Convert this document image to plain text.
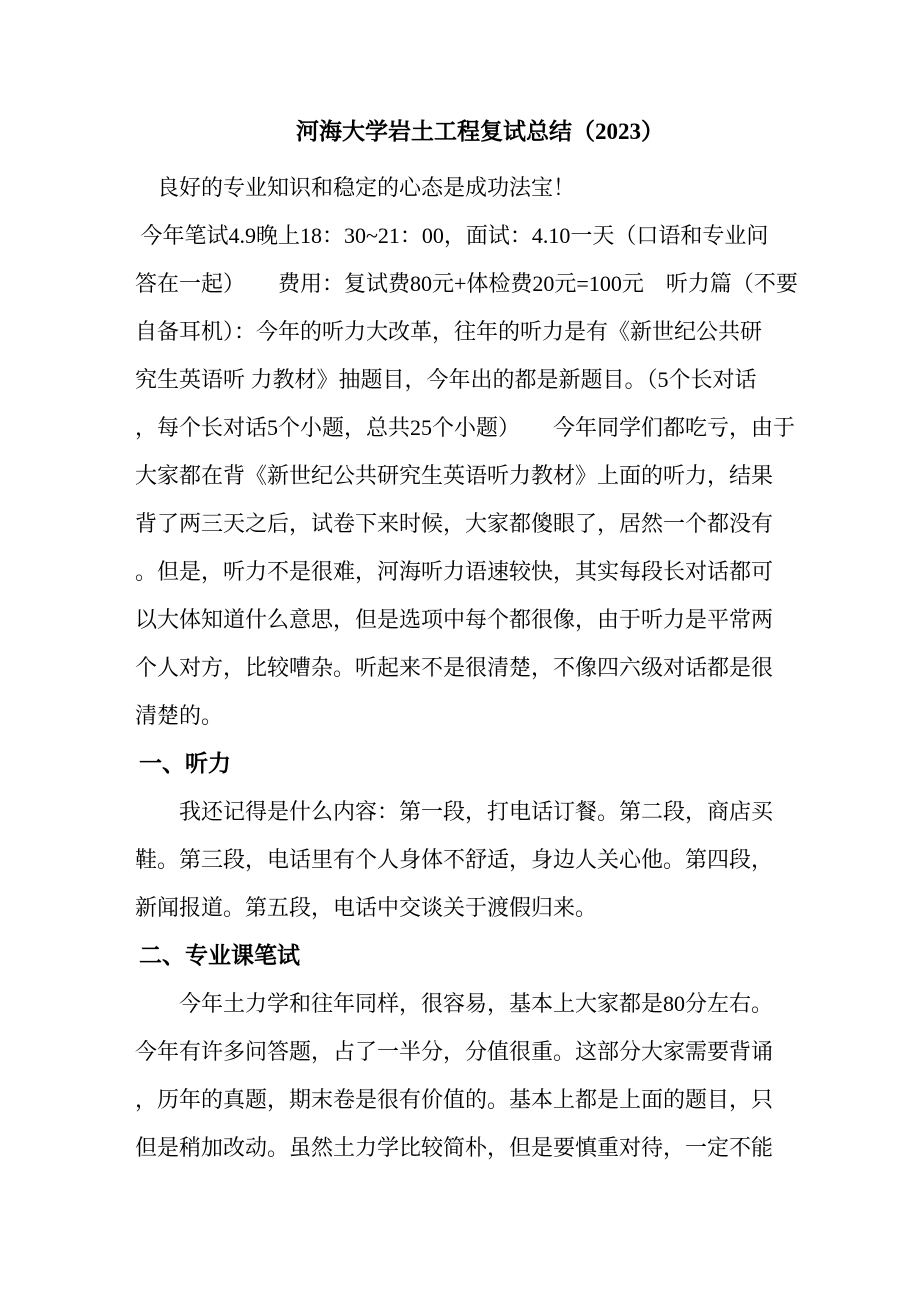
河海大学岩土工程复试总结（2023）
　良好的专业知识和稳定的心态是成功法宝！
今年笔试4.9晚上18：30~21：00，面试：4.10一天（口语和专业问
答在一起）　　费用：复试费80元+体检费20元=100元　听力篇（不要
自备耳机）：今年的听力大改革，往年的听力是有《新世纪公共研
究生英语听 力教材》抽题目，今年出的都是新题目。（5个长对话
，每个长对话5个小题，总共25个小题）　　今年同学们都吃亏，由于
大家都在背《新世纪公共研究生英语听力教材》上面的听力，结果
背了两三天之后，试卷下来时候，大家都傻眼了，居然一个都没有
。但是，听力不是很难，河海听力语速较快，其实每段长对话都可
以大体知道什么意思，但是选项中每个都很像，由于听力是平常两
个人对方，比较嘈杂。听起来不是很清楚，不像四六级对话都是很
清楚的。
一、听力
　　我还记得是什么内容：第一段，打电话订餐。第二段，商店买
鞋。第三段，电话里有个人身体不舒适，身边人关心他。第四段，
新闻报道。第五段，电话中交谈关于渡假归来。
二、专业课笔试
　　今年土力学和往年同样，很容易，基本上大家都是80分左右。
今年有许多问答题，占了一半分，分值很重。这部分大家需要背诵
，历年的真题，期末卷是很有价值的。基本上都是上面的题目，只
但是稍加改动。虽然土力学比较简朴，但是要慎重对待，一定不能
